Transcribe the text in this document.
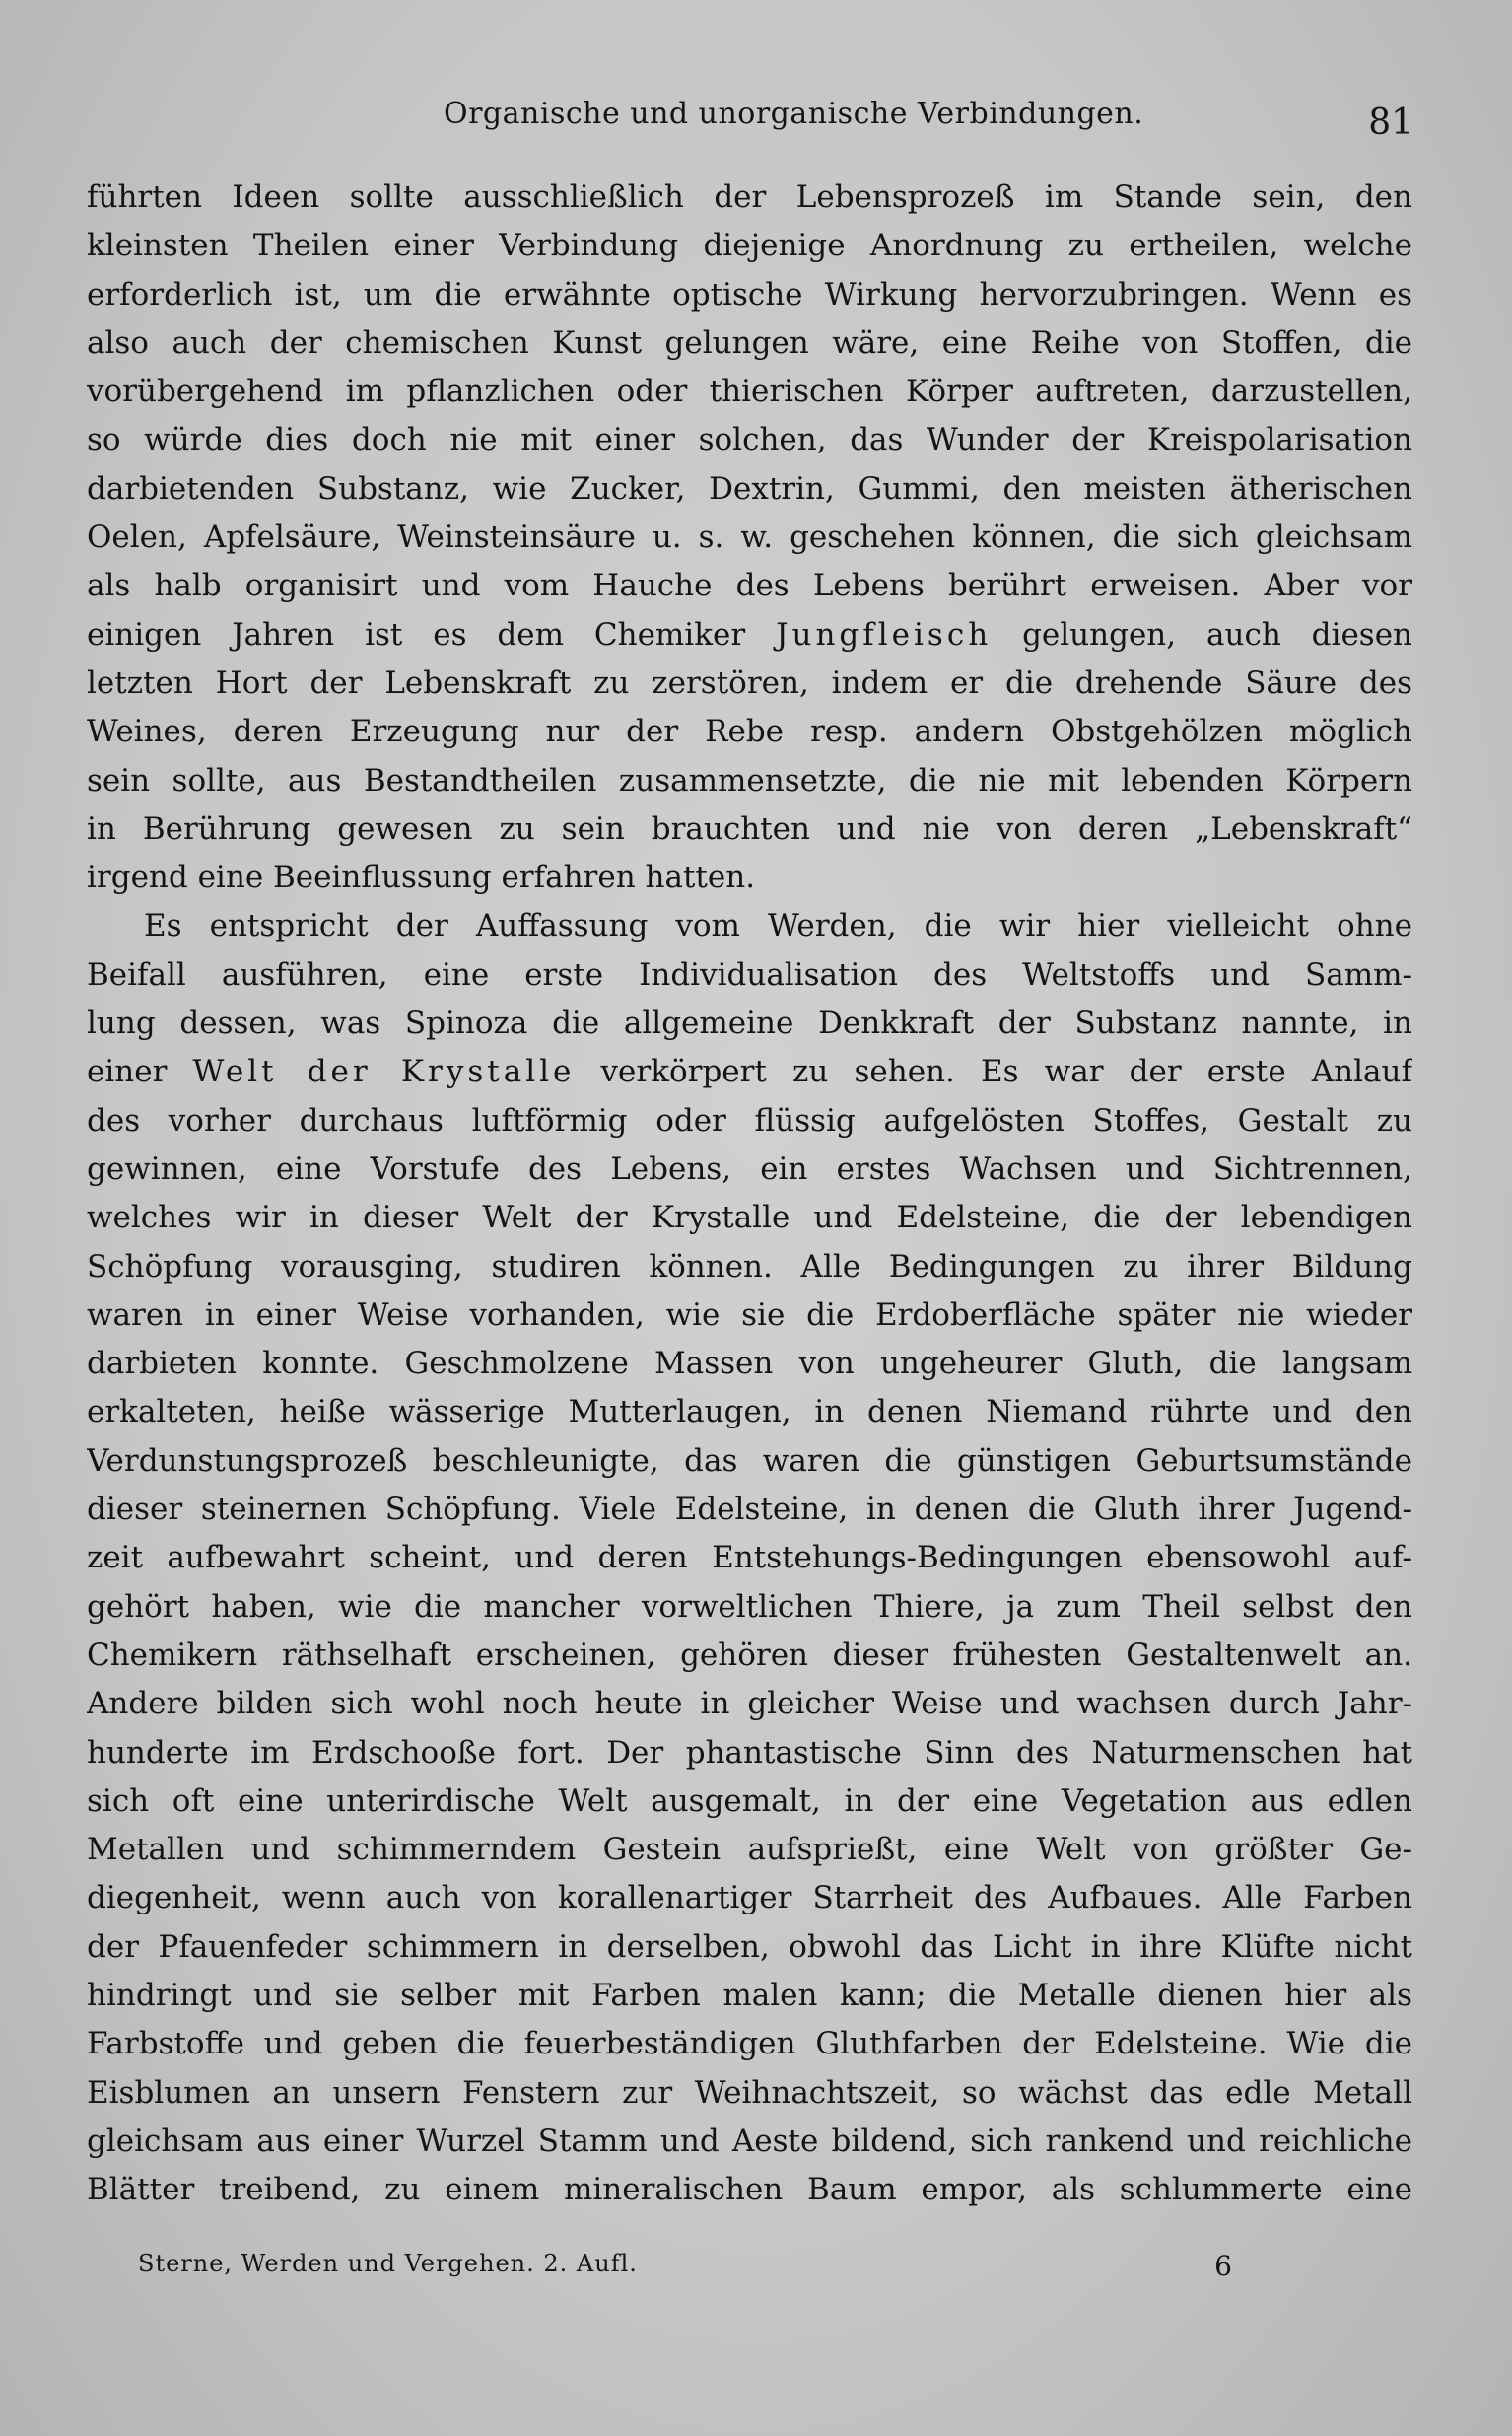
Organische und unorganische Verbindungen.	81
führten Ideen sollte ausschließlich der Lebensprozeß im Stande sein, den
kleinsten Theilen einer Verbindung diejenige Anordnung zu ertheilen, welche
erforderlich ist, um die erwähnte optische Wirkung hervorzubringen. Wenn es
also auch der chemischen Kunst gelungen wäre, eine Reihe von Stoffen, die
vorübergehend im pflanzlichen oder thierischen Körper auftreten, darzustellen,
so würde dies doch nie mit einer solchen, das Wunder der Kreispolarisation
darbietenden Substanz, wie Zucker, Dextrin, Gummi, den meisten ätherischen
Oelen, Apfelsäure, Weinsteinsäure u. s. w. geschehen können, die sich gleichsam
als halb organisirt und vom Hauche des Lebens berührt erweisen. Aber vor
einigen Jahren ist es dem Chemiker Jungfleisch gelungen, auch diesen
letzten Hort der Lebenskraft zu zerstören, indem er die drehende Säure des
Weines, deren Erzeugung nur der Rebe resp. andern Obstgehölzen möglich
sein sollte, aus Bestandtheilen zusammensetzte, die nie mit lebenden Körpern
in Berührung gewesen zu sein brauchten und nie von deren „Lebenskraft“
irgend eine Beeinflussung erfahren hatten.
Es entspricht der Auffassung vom Werden, die wir hier vielleicht ohne
Beifall ausführen, eine erste Individualisation des Weltstoffs und Samm-
lung dessen, was Spinoza die allgemeine Denkkraft der Substanz nannte, in
einer Welt der Krystalle verkörpert zu sehen. Es war der erste Anlauf
des vorher durchaus luftförmig oder flüssig aufgelösten Stoffes, Gestalt zu
gewinnen, eine Vorstufe des Lebens, ein erstes Wachsen und Sichtrennen,
welches wir in dieser Welt der Krystalle und Edelsteine, die der lebendigen
Schöpfung vorausging, studiren können. Alle Bedingungen zu ihrer Bildung
waren in einer Weise vorhanden, wie sie die Erdoberfläche später nie wieder
darbieten konnte. Geschmolzene Massen von ungeheurer Gluth, die langsam
erkalteten, heiße wässerige Mutterlaugen, in denen Niemand rührte und den
Verdunstungsprozeß beschleunigte, das waren die günstigen Geburtsumstände
dieser steinernen Schöpfung. Viele Edelsteine, in denen die Gluth ihrer Jugend-
zeit aufbewahrt scheint, und deren Entstehungs-Bedingungen ebensowohl auf-
gehört haben, wie die mancher vorweltlichen Thiere, ja zum Theil selbst den
Chemikern räthselhaft erscheinen, gehören dieser frühesten Gestaltenwelt an.
Andere bilden sich wohl noch heute in gleicher Weise und wachsen durch Jahr-
hunderte im Erdschooße fort. Der phantastische Sinn des Naturmenschen hat
sich oft eine unterirdische Welt ausgemalt, in der eine Vegetation aus edlen
Metallen und schimmerndem Gestein aufsprießt, eine Welt von größter Ge-
diegenheit, wenn auch von korallenartiger Starrheit des Aufbaues. Alle Farben
der Pfauenfeder schimmern in derselben, obwohl das Licht in ihre Klüfte nicht
hindringt und sie selber mit Farben malen kann; die Metalle dienen hier als
Farbstoffe und geben die feuerbeständigen Gluthfarben der Edelsteine. Wie die
Eisblumen an unsern Fenstern zur Weihnachtszeit, so wächst das edle Metall
gleichsam aus einer Wurzel Stamm und Aeste bildend, sich rankend und reichliche
Blätter treibend, zu einem mineralischen Baum empor, als schlummerte eine
Sterne, Werden und Vergehen. 2. Aufl.	6
